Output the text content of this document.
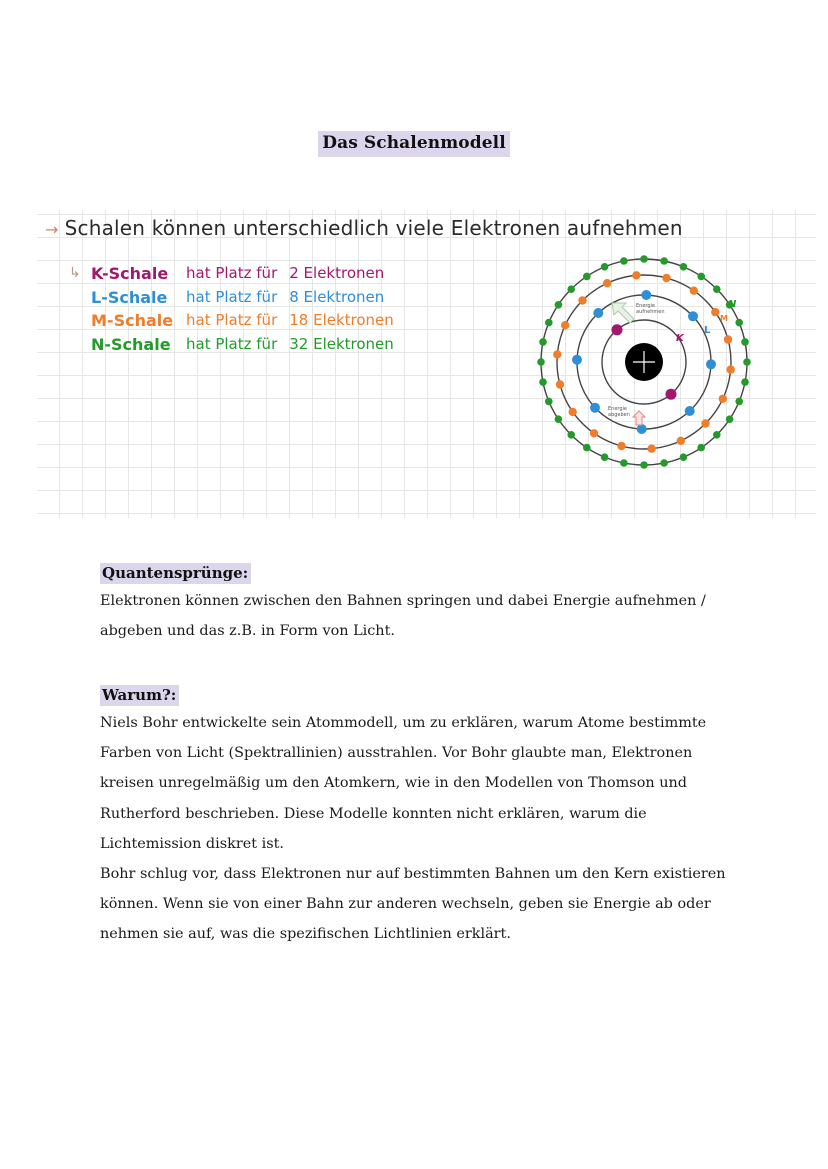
Das Schalenmodell
→ Schalen können unterschiedlich viele Elektronen aufnehmen
↳ K-Schale	hat Platz für 2 Elektronen
L-Schale	hat Platz für 8 Elektronen
M-Schale hat Platz für 18 Elektronen
N-Schale	hat Platz für 32 Elektronen
Energie
aufnehmen
Energie
abgeben
K
L
M
N
Quantensprünge:

Elektronen können zwischen den Bahnen springen und dabei Energie aufnehmen /
abgeben und das z.B. in Form von Licht.

Warum?:

Niels Bohr entwickelte sein Atommodell, um zu erklären, warum Atome bestimmte
Farben von Licht (Spektrallinien) ausstrahlen. Vor Bohr glaubte man, Elektronen
kreisen unregelmäßig um den Atomkern, wie in den Modellen von Thomson und
Rutherford beschrieben. Diese Modelle konnten nicht erklären, warum die
Lichtemission diskret ist.
Bohr schlug vor, dass Elektronen nur auf bestimmten Bahnen um den Kern existieren
können. Wenn sie von einer Bahn zur anderen wechseln, geben sie Energie ab oder
nehmen sie auf, was die spezifischen Lichtlinien erklärt.
